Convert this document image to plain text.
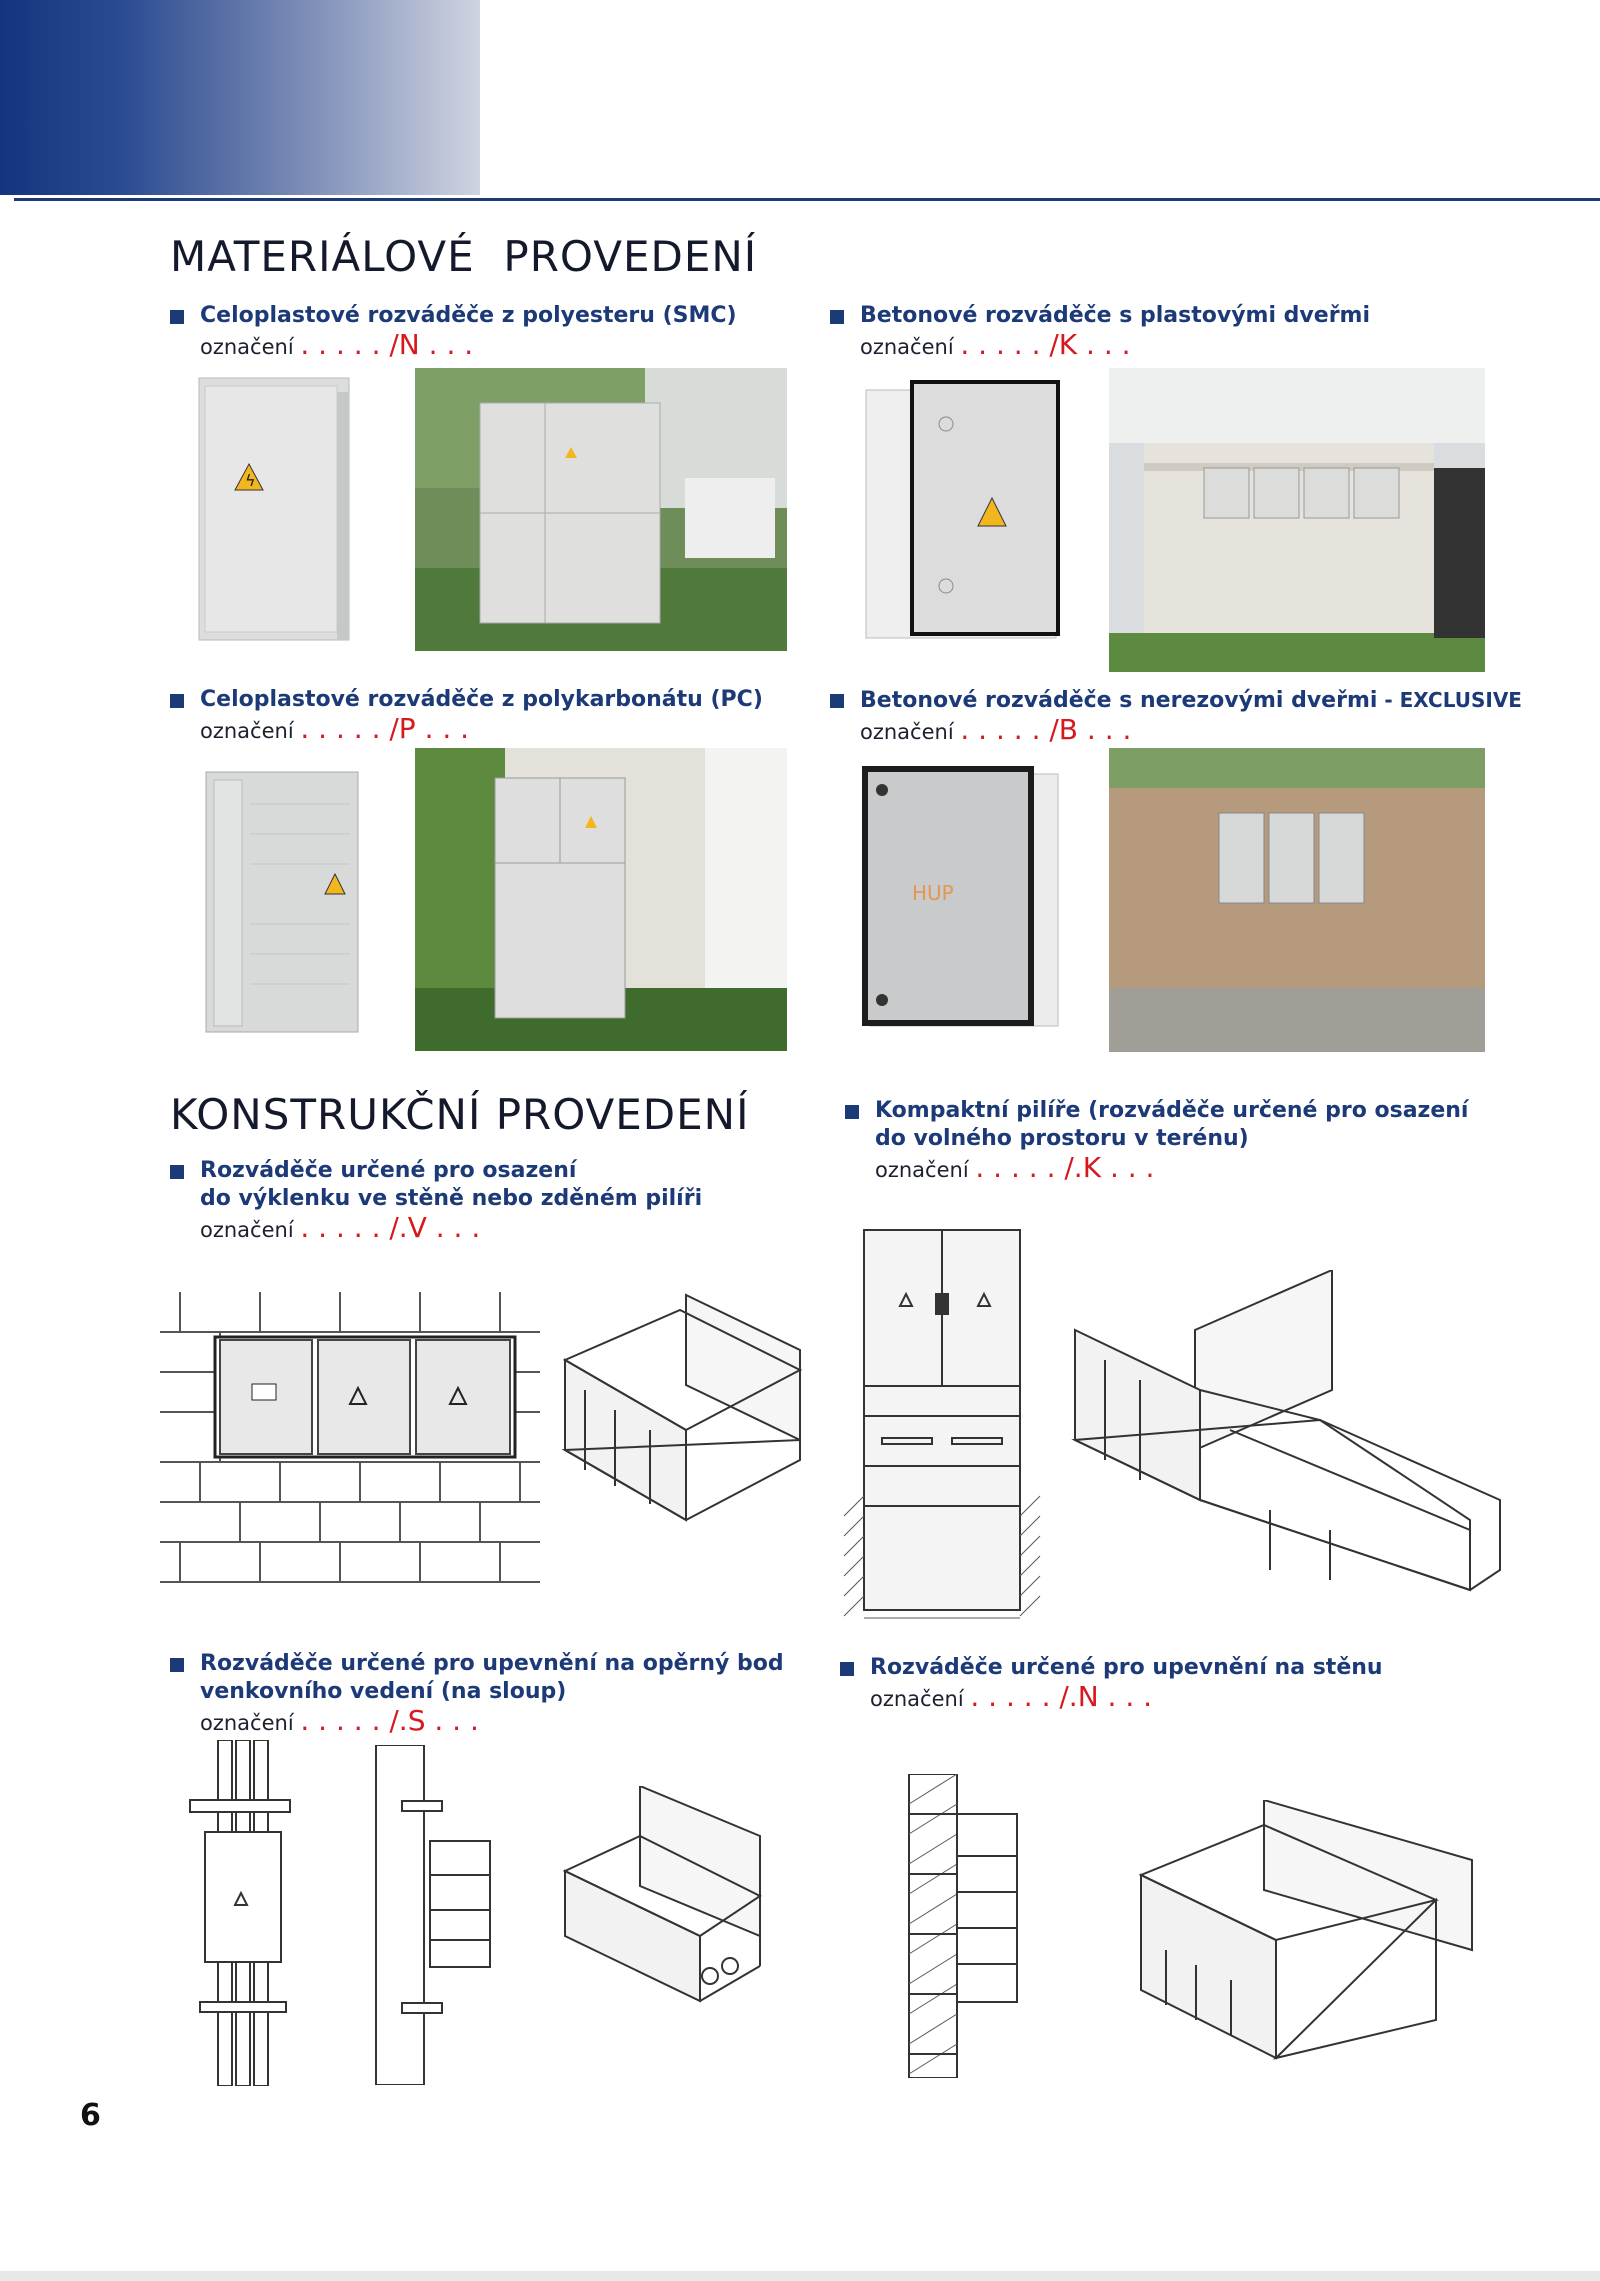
MATERIÁLOVÉ  PROVEDENÍ
Celoplastové rozváděče z polyesteru (SMC)
označení . . . . . /N . . .
Betonové rozváděče s plastovými dveřmi
označení . . . . . /K . . .
Celoplastové rozváděče z polykarbonátu (PC)
označení . . . . . /P . . .
Betonové rozváděče s nerezovými dveřmi - EXCLUSIVE
označení . . . . . /B . . .
ϟ
HUP
KONSTRUKČNÍ PROVEDENÍ
Rozváděče určené pro osazení
do výklenku ve stěně nebo zděném pilíři
označení . . . . . /.V . . .
Kompaktní pilíře (rozváděče určené pro osazení
do volného prostoru v terénu)
označení . . . . . /.K . . .
Rozváděče určené pro upevnění na opěrný bod
venkovního vedení (na sloup)
označení . . . . . /.S . . .
Rozváděče určené pro upevnění na stěnu
označení . . . . . /.N . . .
6
